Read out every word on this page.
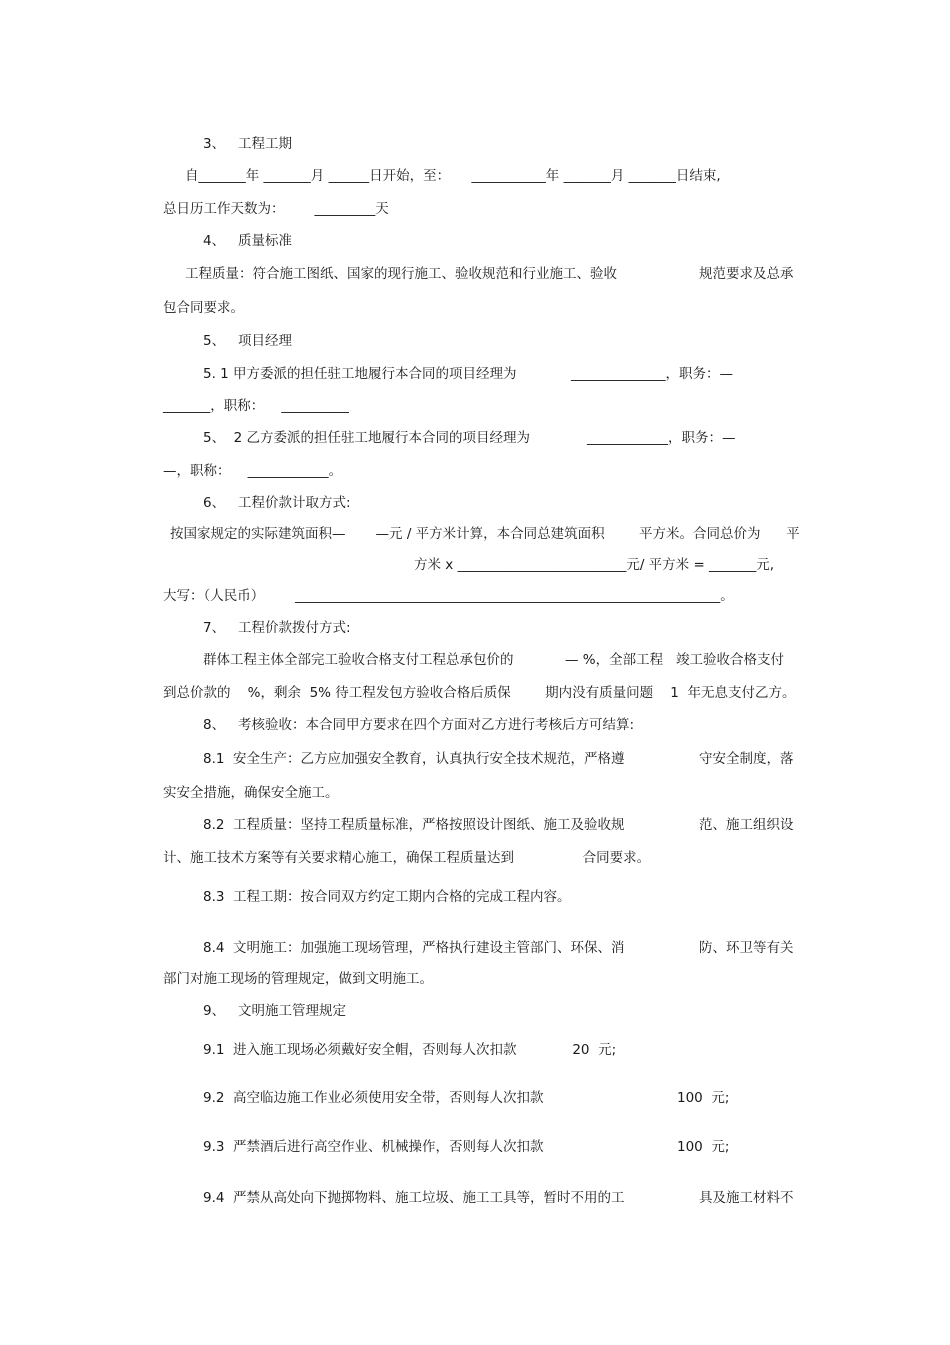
3、   工程工期
自_______年 _______月 ______日开始，至：     ___________年 _______月 _______日结束,
总日历工作天数为：       _________天
4、   质量标准
工程质量：符合施工图纸、国家的现行施工、验收规范和行业施工、验收	规范要求及总承
包合同要求。
5、   项目经理
5. 1 甲方委派的担任驻工地履行本合同的项目经理为	______________，职务：—
_______，职称：    __________
5、  2 乙方委派的担任驻工地履行本合同的项目经理为	____________，职务：—
—，职称：    ____________。
6、   工程价款计取方式:
按国家规定的实际建筑面积—       —元 / 平方米计算，本合同总建筑面积        平方米。合同总价为      平
方米 x _________________________元/ 平方米 = _______元,
大写：（人民币） _______________________________________________________________。
7、   工程价款拨付方式:
群体工程主体全部完工验收合格支付工程总承包价的            — %，全部工程   竣工验收合格支付
到总价款的    %，剩余  5% 待工程发包方验收合格后质保        期内没有质量问题    1  年无息支付乙方。
8、   考核验收：本合同甲方要求在四个方面对乙方进行考核后方可结算:
8.1  安全生产：乙方应加强安全教育，认真执行安全技术规范，严格遵	守安全制度，落
实安全措施，确保安全施工。
8.2  工程质量：坚持工程质量标准，严格按照设计图纸、施工及验收规	范、施工组织设
计、施工技术方案等有关要求精心施工，确保工程质量达到                合同要求。
8.3  工程工期：按合同双方约定工期内合格的完成工程内容。
8.4  文明施工：加强施工现场管理，严格执行建设主管部门、环保、消	防、环卫等有关
部门对施工现场的管理规定，做到文明施工。
9、   文明施工管理规定
9.1  进入施工现场必须戴好安全帽，否则每人次扣款             20  元;
9.2  高空临边施工作业必须使用安全带，否则每人次扣款	100  元;
9.3  严禁酒后进行高空作业、机械操作，否则每人次扣款	100  元;
9.4  严禁从高处向下抛掷物料、施工垃圾、施工工具等，暂时不用的工	具及施工材料不
